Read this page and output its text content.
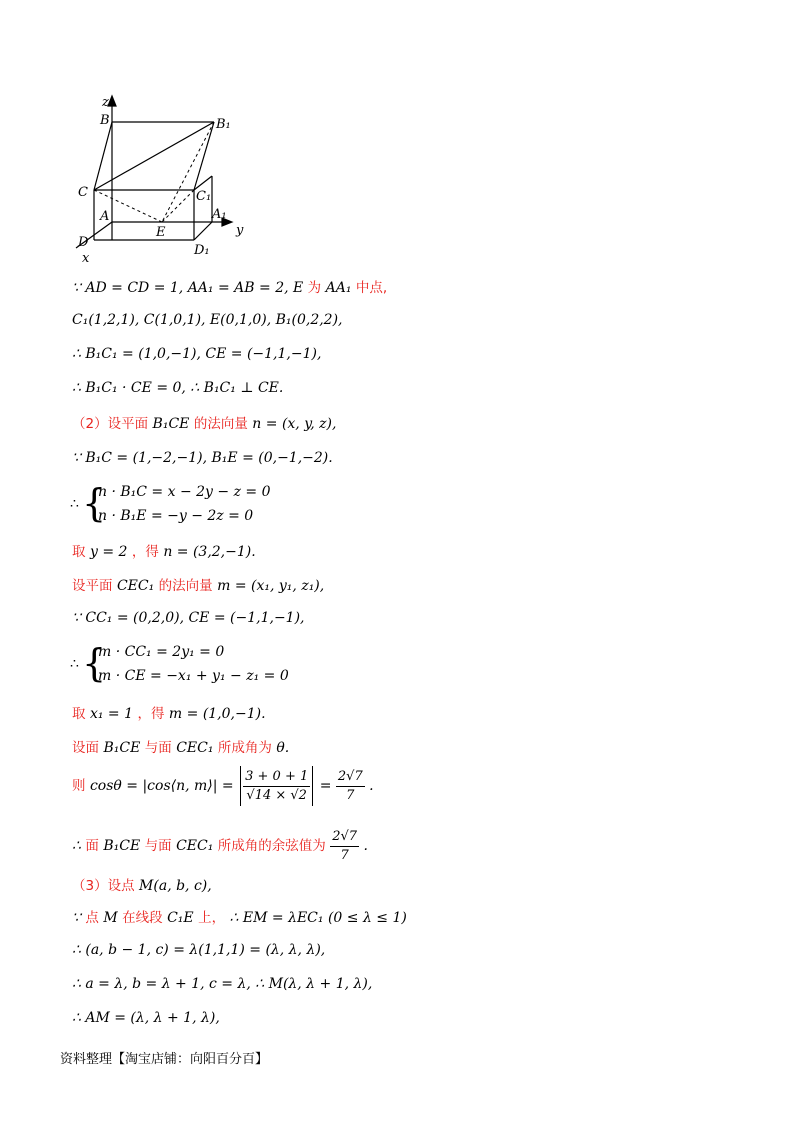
z
y
x
B	B₁
C	C₁
A	A₁
E
D
D₁
∵ AD = CD = 1, AA₁ = AB = 2, E 为 AA₁ 中点,
C₁(1,2,1), C(1,0,1), E(0,1,0), B₁(0,2,2),
∴ B₁C₁ = (1,0,−1), CE = (−1,1,−1),
∴ B₁C₁ · CE = 0, ∴ B₁C₁ ⊥ CE.
（2）设平面 B₁CE 的法向量 n = (x, y, z),
∵ B₁C = (1,−2,−1), B₁E = (0,−1,−2).
∴ {
n · B₁C = x − 2y − z = 0
n · B₁E = −y − 2z = 0
取 y = 2 ，得 n = (3,2,−1).
设平面 CEC₁ 的法向量 m = (x₁, y₁, z₁),
∵ CC₁ = (0,2,0), CE = (−1,1,−1),
∴ {
m · CC₁ = 2y₁ = 0
m · CE = −x₁ + y₁ − z₁ = 0
取 x₁ = 1 ，得 m = (1,0,−1).
设面 B₁CE 与面 CEC₁ 所成角为 θ.
则 cosθ = |cos⟨n, m⟩| = $\frac{3 + 0 + 1}{√14 \times √2} = \frac{2√7}{7}$ .
∴ 面 B₁CE 与面 CEC₁ 所成角的余弦值为 $\frac{2√7}{7}$ .
（3）设点 M(a, b, c),
∵ 点 M 在线段 C₁E 上， ∴ EM = λEC₁ (0 ≤ λ ≤ 1)
∴ (a, b − 1, c) = λ(1,1,1) = (λ, λ, λ),
∴ a = λ, b = λ + 1, c = λ, ∴ M(λ, λ + 1, λ),
∴ AM = (λ, λ + 1, λ),
资料整理【淘宝店铺：向阳百分百】
